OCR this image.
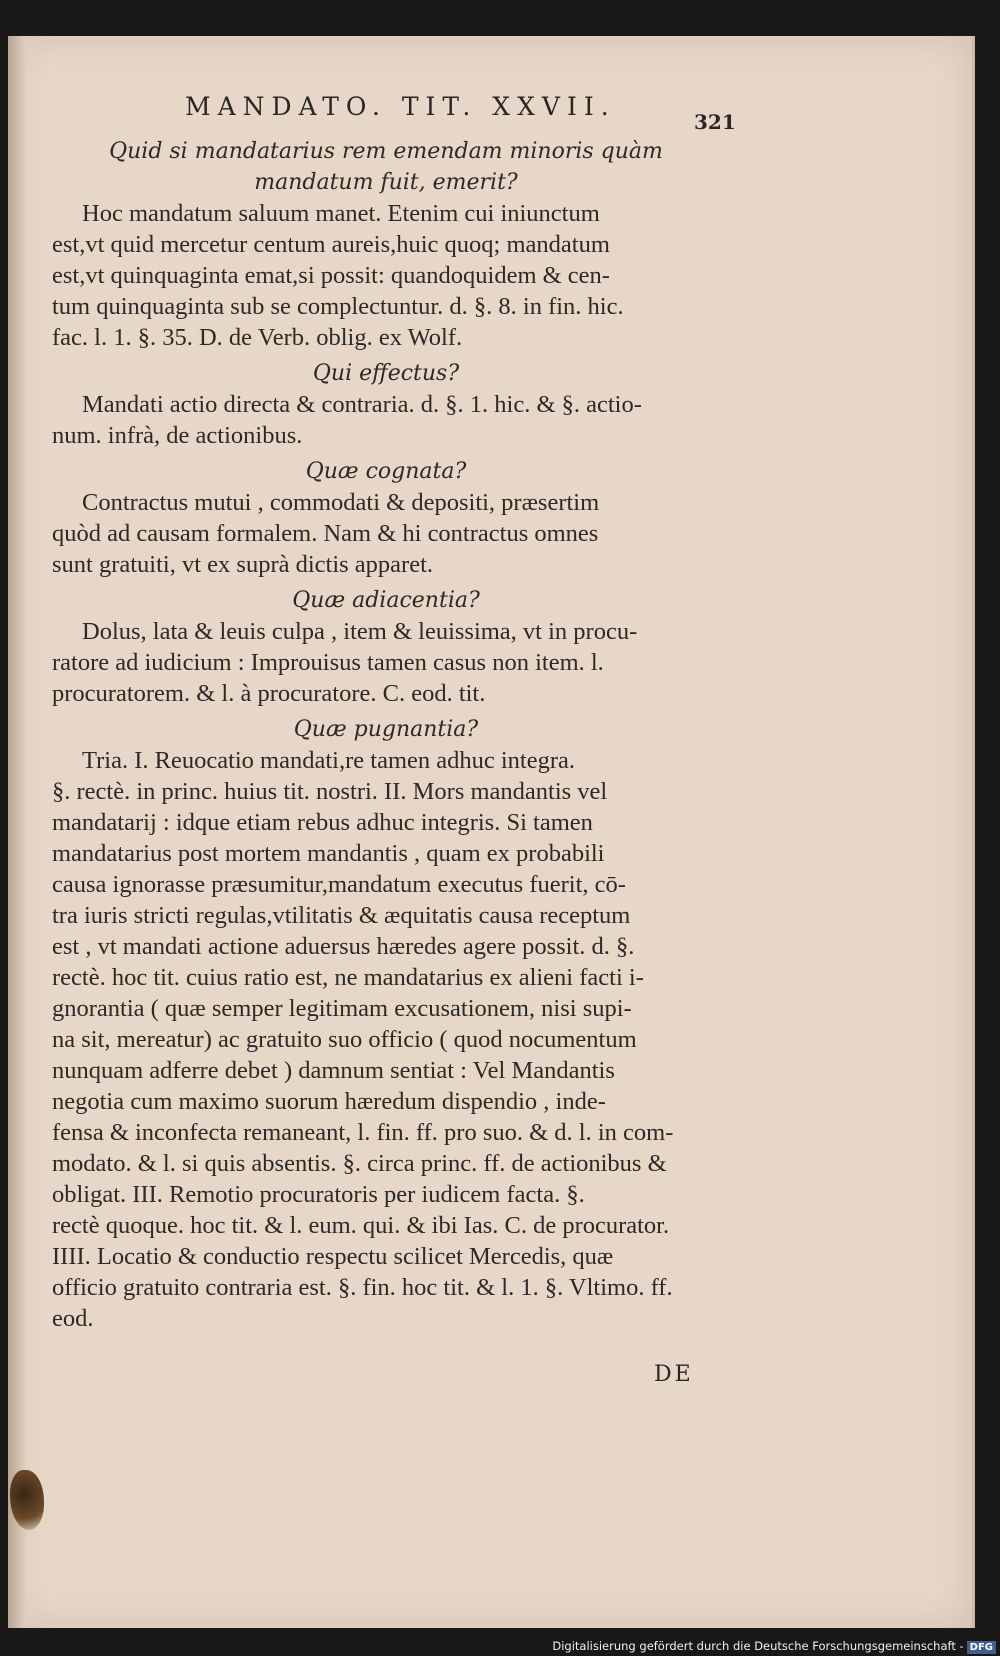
MANDATO. TIT. XXVII.
321
Quid si mandatarius rem emendam minoris quàm
mandatum fuit, emerit?
Hoc mandatum saluum manet. Etenim cui iniunctum
est,vt quid mercetur centum aureis,huic quoq; mandatum
est,vt quinquaginta emat,si possit: quandoquidem & cen-
tum quinquaginta sub se complectuntur. d. §. 8. in fin. hic.
fac. l. 1. §. 35. D. de Verb. oblig. ex Wolf.
Qui effectus?
Mandati actio directa & contraria. d. §. 1. hic. & §. actio-
num. infrà, de actionibus.
Quæ cognata?
Contractus mutui , commodati & depositi, præsertim
quòd ad causam formalem. Nam & hi contractus omnes
sunt gratuiti, vt ex suprà dictis apparet.
Quæ adiacentia?
Dolus, lata & leuis culpa , item & leuissima, vt in procu-
ratore ad iudicium : Improuisus tamen casus non item. l.
procuratorem. & l. à procuratore. C. eod. tit.
Quæ pugnantia?
Tria. I. Reuocatio mandati,re tamen adhuc integra.
§. rectè. in princ. huius tit. nostri. II. Mors mandantis vel
mandatarij : idque etiam rebus adhuc integris. Si tamen
mandatarius post mortem mandantis , quam ex probabili
causa ignorasse præsumitur,mandatum executus fuerit, cō-
tra iuris stricti regulas,vtilitatis & æquitatis causa receptum
est , vt mandati actione aduersus hæredes agere possit. d. §.
rectè. hoc tit. cuius ratio est, ne mandatarius ex alieni facti i-
gnorantia ( quæ semper legitimam excusationem, nisi supi-
na sit, mereatur) ac gratuito suo officio ( quod nocumentum
nunquam adferre debet ) damnum sentiat : Vel Mandantis
negotia cum maximo suorum hæredum dispendio , inde-
fensa & inconfecta remaneant, l. fin. ff. pro suo. & d. l. in com-
modato. & l. si quis absentis. §. circa princ. ff. de actionibus &
obligat. III. Remotio procuratoris per iudicem facta. §.
rectè quoque. hoc tit. & l. eum. qui. & ibi Ias. C. de procurator.
IIII. Locatio & conductio respectu scilicet Mercedis, quæ
officio gratuito contraria est. §. fin. hoc tit. & l. 1. §. Vltimo. ff.
eod.
DE
Digitalisierung gefördert durch die Deutsche Forschungsgemeinschaft - DFG
